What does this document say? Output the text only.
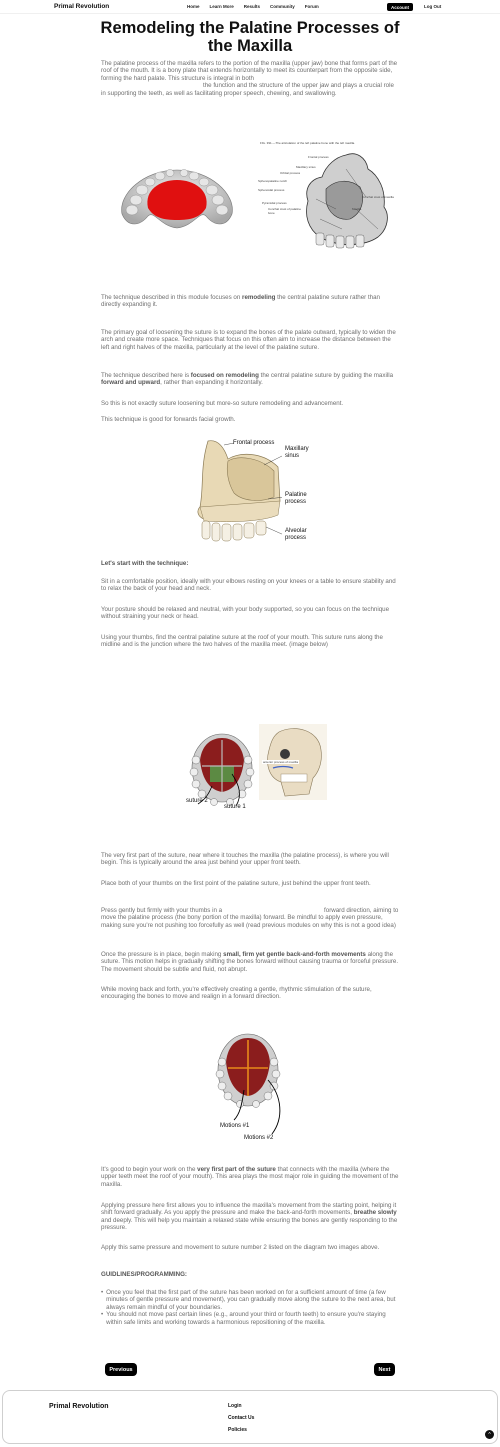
Primal Revolution	Home Learn More Results Community Forum	Account	Log Out
Remodeling the Palatine Processes of the Maxilla
The palatine process of the maxilla refers to the portion of the maxilla (upper jaw) bone that forms part of the roof of the mouth. It is a bony plate that extends horizontally to meet its counterpart from the opposite side, forming the hard palate. This structure is integral in both
the function and the structure of the upper jaw and plays a crucial role in supporting the teeth, as well as facilitating proper speech, chewing, and swallowing.
FIG. 391.—The articulation of the left palatine bone with the left maxilla.
Frontal process
Maxillary sinus
Orbital process
Sphenopalatine notch
Sphenoidal process
Pyramidal process
Conchal crest of palatine bone
Conchal crest of maxilla
Maxilla
The technique described in this module focuses on remodeling the central palatine suture rather than directly expanding it.
The primary goal of loosening the suture is to expand the bones of the palate outward, typically to widen the arch and create more space. Techniques that focus on this often aim to increase the distance between the left and right halves of the maxilla, particularly at the level of the palatine suture.
The technique described here is focused on remodeling the central palatine suture by guiding the maxilla forward and upward, rather than expanding it horizontally.
So this is not exactly suture loosening but more-so suture remodeling and advancement.
This technique is good for forwards facial growth.
Frontal process
Maxillary sinus
Palatine process
Alveolar process
Let's start with the technique:
Sit in a comfortable position, ideally with your elbows resting on your knees or a table to ensure stability and to relax the back of your head and neck.
Your posture should be relaxed and neutral, with your body supported, so you can focus on the technique without straining your neck or head.
Using your thumbs, find the central palatine suture at the roof of your mouth. This suture runs along the midline and is the junction where the two halves of the maxilla meet. (image below)
suture 2
suture 1
anterior process of maxilla
The very first part of the suture, near where it touches the maxilla (the palatine process), is where you will begin. This is typically around the area just behind your upper front teeth.
Place both of your thumbs on the first point of the palatine suture, just behind the upper front teeth.
Press gently but firmly with your thumbs in a	forward direction, aiming to move the palatine process (the bony portion of the maxilla) forward. Be mindful to apply even pressure, making sure you're not pushing too forcefully as well (read previous modules on why this is not a good idea)
Once the pressure is in place, begin making small, firm yet gentle back-and-forth movements along the suture. This motion helps in gradually shifting the bones forward without causing trauma or forceful pressure. The movement should be subtle and fluid, not abrupt.
While moving back and forth, you're effectively creating a gentle, rhythmic stimulation of the suture, encouraging the bones to move and realign in a forward direction.
Motions #1
Motions #2
It's good to begin your work on the very first part of the suture that connects with the maxilla (where the upper teeth meet the roof of your mouth). This area plays the most major role in guiding the movement of the maxilla.
Applying pressure here first allows you to influence the maxilla's movement from the starting point, helping it shift forward gradually. As you apply the pressure and make the back-and-forth movements, breathe slowly and deeply. This will help you maintain a relaxed state while ensuring the bones are gently responding to the pressure.
Apply this same pressure and movement to suture number 2 listed on the diagram two images above.
GUIDLINES/PROGRAMMING:
• Once you feel that the first part of the suture has been worked on for a sufficient amount of time (a few minutes of gentle pressure and movement), you can gradually move along the suture to the next area, but always remain mindful of your boundaries.
• You should not move past certain lines (e.g., around your third or fourth teeth) to ensure you're staying within safe limits and working towards a harmonious repositioning of the maxilla.
Previous	Next
Primal Revolution	Login
Contact Us
Policies
^
